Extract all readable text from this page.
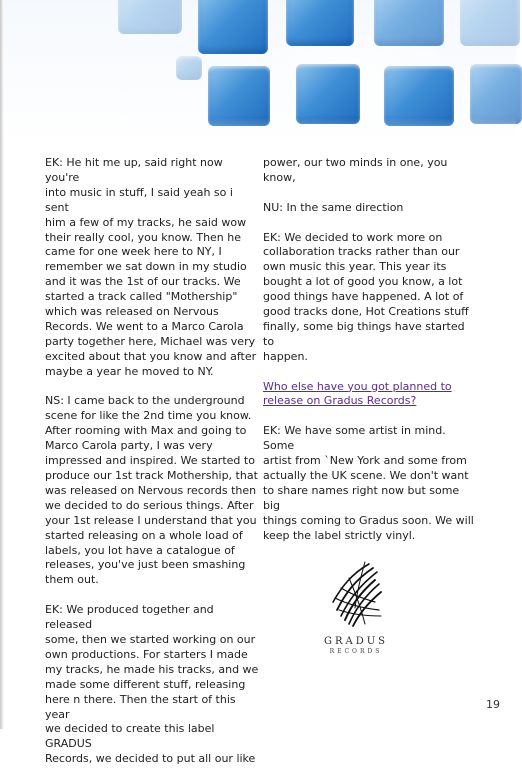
EK: He hit me up, said right now you're
into music in stuff, I said yeah so i sent
him a few of my tracks, he said wow
their really cool, you know. Then he
came for one week here to NY, I
remember we sat down in my studio
and it was the 1st of our tracks. We
started a track called "Mothership"
which was released on Nervous
Records. We went to a Marco Carola
party together here, Michael was very
excited about that you know and after
maybe a year he moved to NY.

NS: I came back to the underground
scene for like the 2nd time you know.
After rooming with Max and going to
Marco Carola party, I was very
impressed and inspired. We started to
produce our 1st track Mothership, that
was released on Nervous records then
we decided to do serious things. After
your 1st release I understand that you
started releasing on a whole load of
labels, you lot have a catalogue of
releases, you've just been smashing
them out.

EK: We produced together and released
some, then we started working on our
own productions. For starters I made
my tracks, he made his tracks, and we
made some different stuff, releasing
here n there. Then the start of this year
we decided to create this label GRADUS
Records, we decided to put all our like

power, our two minds in one, you know,

NU: In the same direction

EK: We decided to work more on
collaboration tracks rather than our
own music this year. This year its
bought a lot of good you know, a lot
good things have happened. A lot of
good tracks done, Hot Creations stuff
finally, some big things have started to
happen.

Who else have you got planned to
release on Gradus Records?

EK: We have some artist in mind. Some
artist from `New York and some from
actually the UK scene. We don't want
to share names right now but some big
things coming to Gradus soon. We will
keep the label strictly vinyl.

GRADUS
RECORDS
19
